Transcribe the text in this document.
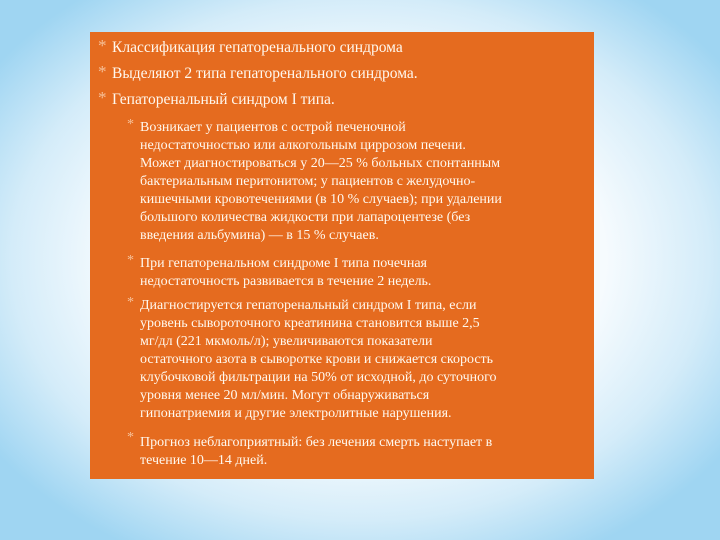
* Классификация гепаторенального синдрома
* Выделяют 2 типа гепаторенального синдрома.
* Гепаторенальный синдром I типа.
* Возникает у пациентов с острой печеночной
недостаточностью или алкогольным циррозом печени.
Может диагностироваться у 20—25 % больных спонтанным
бактериальным перитонитом; у пациентов с желудочно-
кишечными кровотечениями (в 10 % случаев); при удалении
большого количества жидкости при лапароцентезе (без
введения альбумина) — в 15 % случаев.
* При гепаторенальном синдроме I типа почечная
недостаточность развивается в течение 2 недель.
* Диагностируется гепаторенальный синдром I типа, если
уровень сывороточного креатинина становится выше 2,5
мг/дл (221 мкмоль/л); увеличиваются показатели
остаточного азота в сыворотке крови и снижается скорость
клубочковой фильтрации на 50% от исходной, до суточного
уровня менее 20 мл/мин. Могут обнаруживаться
гипонатриемия и другие электролитные нарушения.
* Прогноз неблагоприятный: без лечения смерть наступает в
течение 10—14 дней.
